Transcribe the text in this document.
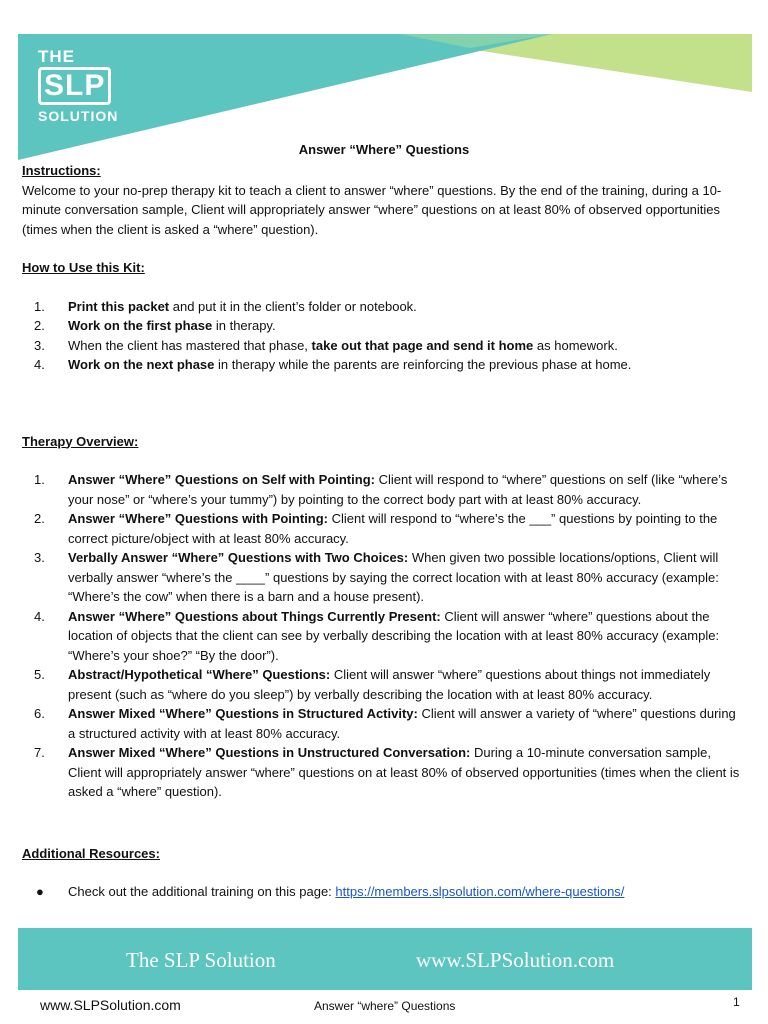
THE
SLP
SOLUTION
Answer “Where” Questions
Instructions:

Welcome to your no-prep therapy kit to teach a client to answer “where” questions. By the end of the training, during a 10-minute conversation sample, Client will appropriately answer “where” questions on at least 80% of observed opportunities (times when the client is asked a “where” question).

How to Use this Kit:
1. Print this packet and put it in the client’s folder or notebook.
2. Work on the first phase in therapy.
3. When the client has mastered that phase, take out that page and send it home as homework.
4. Work on the next phase in therapy while the parents are reinforcing the previous phase at home.
Therapy Overview:
1. Answer “Where” Questions on Self with Pointing: Client will respond to “where” questions on self (like “where’s your nose” or “where’s your tummy”) by pointing to the correct body part with at least 80% accuracy.
2. Answer “Where” Questions with Pointing: Client will respond to “where’s the ___” questions by pointing to the correct picture/object with at least 80% accuracy.
3. Verbally Answer “Where” Questions with Two Choices: When given two possible locations/options, Client will verbally answer “where’s the ____” questions by saying the correct location with at least 80% accuracy (example: “Where’s the cow” when there is a barn and a house present).
4. Answer “Where” Questions about Things Currently Present: Client will answer “where” questions about the location of objects that the client can see by verbally describing the location with at least 80% accuracy (example: “Where’s your shoe?” “By the door”).
5. Abstract/Hypothetical “Where” Questions: Client will answer “where” questions about things not immediately present (such as “where do you sleep”) by verbally describing the location with at least 80% accuracy.
6. Answer Mixed “Where” Questions in Structured Activity: Client will answer a variety of “where” questions during a structured activity with at least 80% accuracy.
7. Answer Mixed “Where” Questions in Unstructured Conversation: During a 10-minute conversation sample, Client will appropriately answer “where” questions on at least 80% of observed opportunities (times when the client is asked a “where” question).
Additional Resources:
● Check out the additional training on this page: https://members.slpsolution.com/where-questions/
The SLP Solution	www.SLPSolution.com
www.SLPSolution.com	Answer “where” Questions	1
